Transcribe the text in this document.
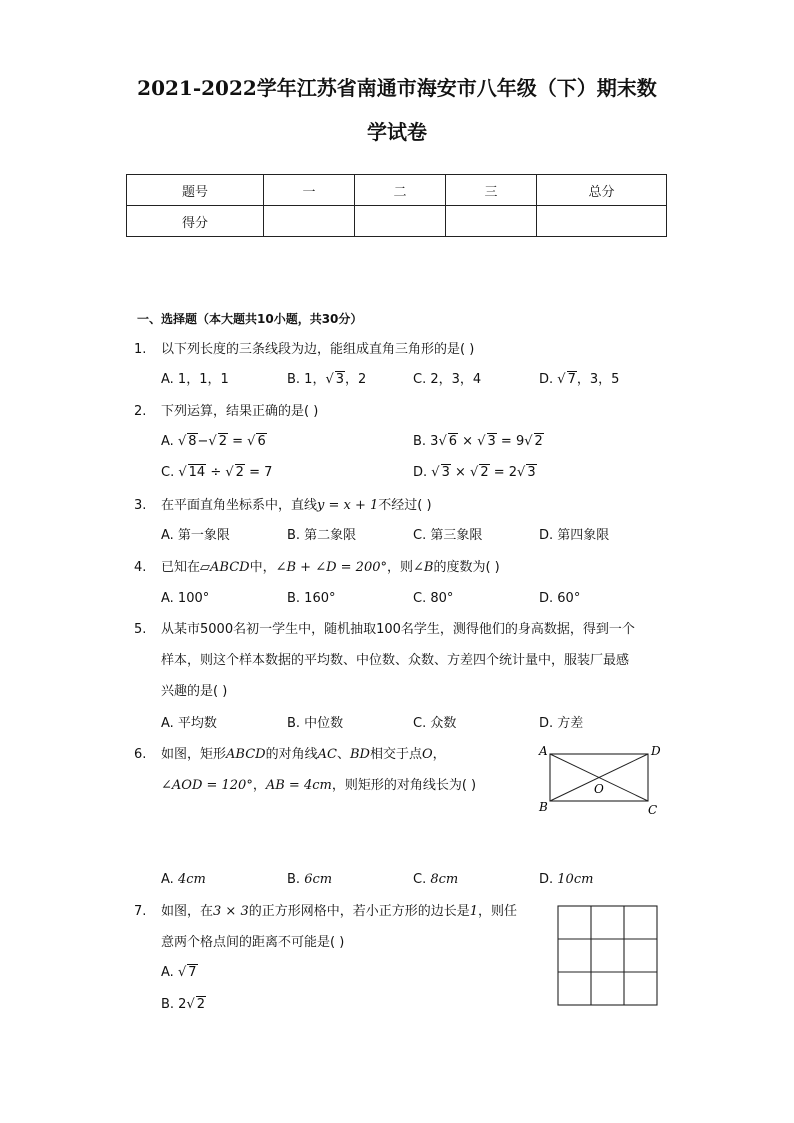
2021-2022学年江苏省南通市海安市八年级（下）期末数
学试卷
题号	一	二	三	总分
得分				
一、选择题（本大题共10小题，共30分）
1. 以下列长度的三条线段为边，能组成直角三角形的是( )
A. 1，1，1	B. 1，√ 3，2	C. 2，3，4	D. √ 7，3，5
2. 下列运算，结果正确的是( )
A. √ 8−√ 2 = √ 6	B. 3√ 6 × √ 3 = 9√ 2
C. √ 14 ÷ √ 2 = 7	D. √ 3 × √ 2 = 2√ 3
3. 在平面直角坐标系中，直线y = x + 1不经过( )
A. 第一象限	B. 第二象限	C. 第三象限	D. 第四象限
4. 已知在▱ABCD中，∠B + ∠D = 200°，则∠B的度数为( )
A. 100°	B. 160°	C. 80°	D. 60°
5. 从某市5000名初一学生中，随机抽取100名学生，测得他们的身高数据，得到一个
样本，则这个样本数据的平均数、中位数、众数、方差四个统计量中，服装厂最感
兴趣的是( )
A. 平均数	B. 中位数	C. 众数	D. 方差
6. 如图，矩形ABCD的对角线AC、BD相交于点O，
∠AOD = 120°，AB = 4cm，则矩形的对角线长为( )
A	D
B	C
O
A. 4cm	B. 6cm	C. 8cm	D. 10cm
7. 如图，在3 × 3的正方形网格中，若小正方形的边长是1，则任
意两个格点间的距离不可能是( )
A. √ 7
B. 2√ 2
